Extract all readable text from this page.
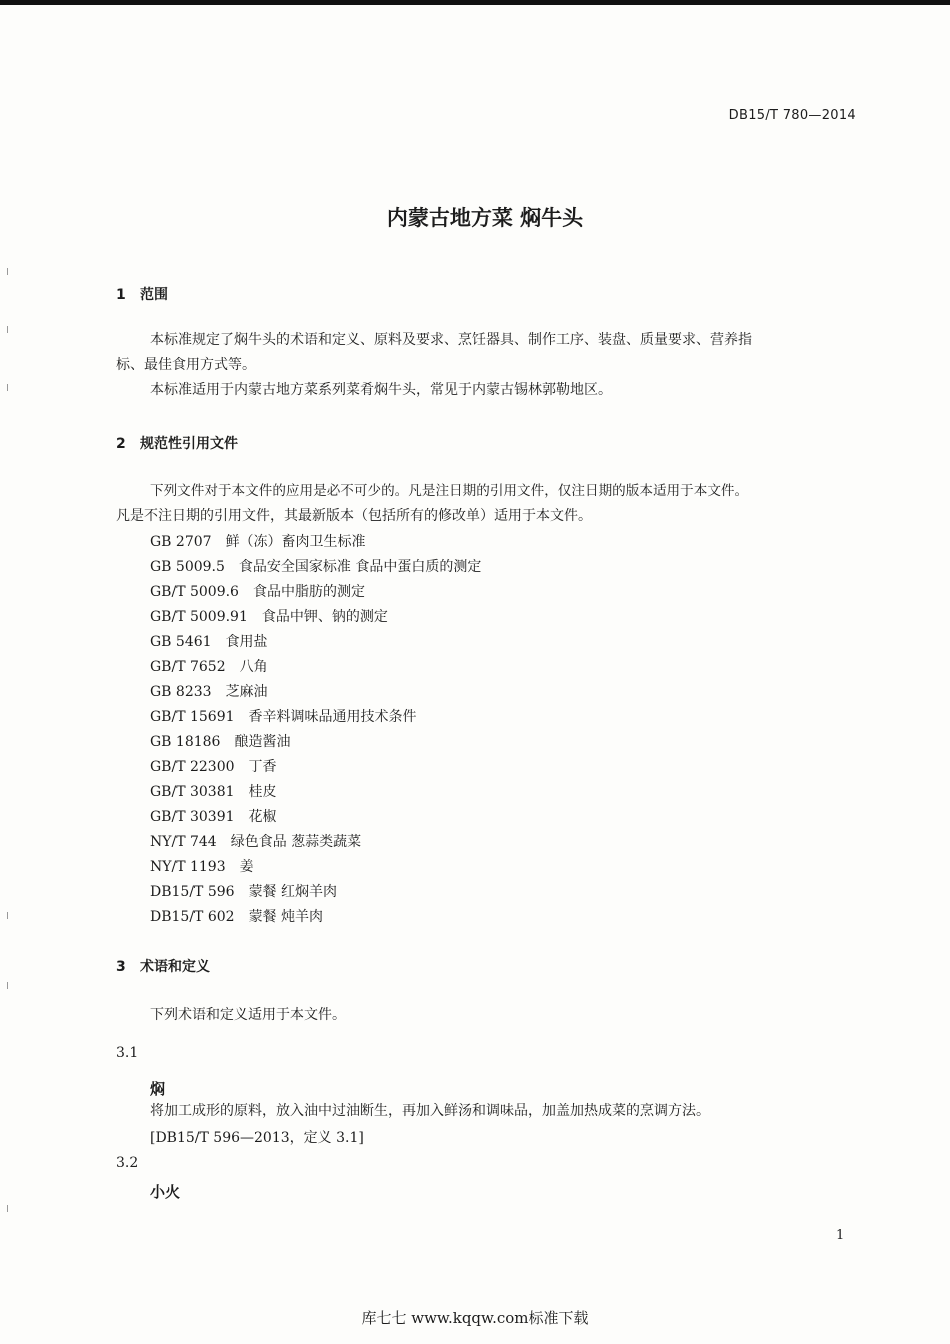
DB15/T 780—2014
内蒙古地方菜 焖牛头
1 范围
本标准规定了焖牛头的术语和定义、原料及要求、烹饪器具、制作工序、装盘、质量要求、营养指
标、最佳食用方式等。
本标准适用于内蒙古地方菜系列菜肴焖牛头，常见于内蒙古锡林郭勒地区。
2 规范性引用文件
下列文件对于本文件的应用是必不可少的。凡是注日期的引用文件，仅注日期的版本适用于本文件。
凡是不注日期的引用文件，其最新版本（包括所有的修改单）适用于本文件。
GB 2707 鲜（冻）畜肉卫生标准
GB 5009.5 食品安全国家标准 食品中蛋白质的测定
GB/T 5009.6 食品中脂肪的测定
GB/T 5009.91 食品中钾、钠的测定
GB 5461 食用盐
GB/T 7652 八角
GB 8233 芝麻油
GB/T 15691 香辛料调味品通用技术条件
GB 18186 酿造酱油
GB/T 22300 丁香
GB/T 30381 桂皮
GB/T 30391 花椒
NY/T 744 绿色食品 葱蒜类蔬菜
NY/T 1193 姜
DB15/T 596 蒙餐 红焖羊肉
DB15/T 602 蒙餐 炖羊肉
3 术语和定义
下列术语和定义适用于本文件。
3.1
焖
将加工成形的原料，放入油中过油断生，再加入鲜汤和调味品，加盖加热成菜的烹调方法。
[DB15/T 596—2013，定义 3.1]
3.2
小火
1
库七七 www.kqqw.com标准下载
